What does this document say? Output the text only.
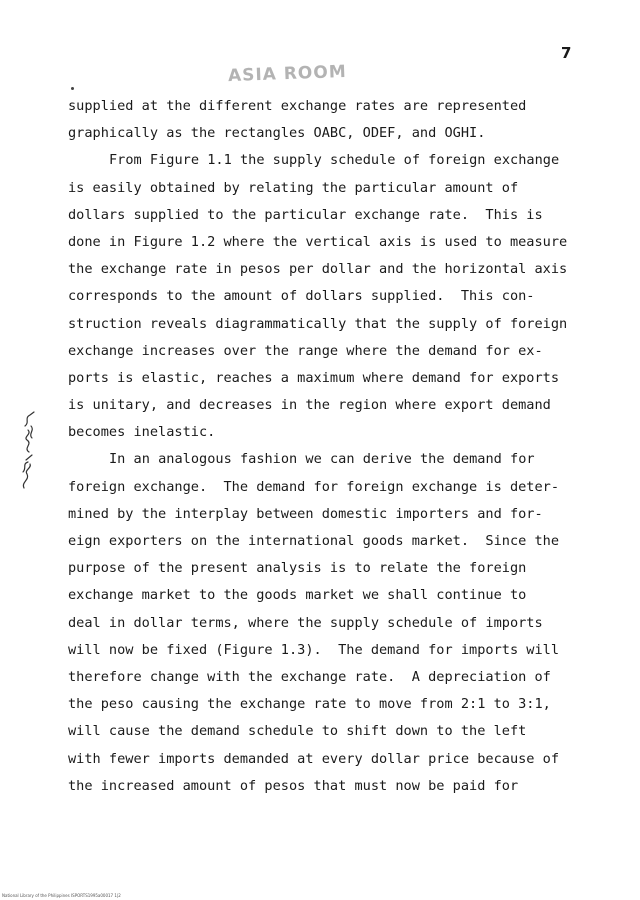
7
ASIA ROOM
supplied at the different exchange rates are represented
graphically as the rectangles OABC, ODEF, and OGHI.
From Figure 1.1 the supply schedule of foreign exchange
is easily obtained by relating the particular amount of
dollars supplied to the particular exchange rate.  This is
done in Figure 1.2 where the vertical axis is used to measure
the exchange rate in pesos per dollar and the horizontal axis
corresponds to the amount of dollars supplied.  This con-
struction reveals diagrammatically that the supply of foreign
exchange increases over the range where the demand for ex-
ports is elastic, reaches a maximum where demand for exports
is unitary, and decreases in the region where export demand
becomes inelastic.
In an analogous fashion we can derive the demand for
foreign exchange.  The demand for foreign exchange is deter-
mined by the interplay between domestic importers and for-
eign exporters on the international goods market.  Since the
purpose of the present analysis is to relate the foreign
exchange market to the goods market we shall continue to
deal in dollar terms, where the supply schedule of imports
will now be fixed (Figure 1.3).  The demand for imports will
therefore change with the exchange rate.  A depreciation of
the peso causing the exchange rate to move from 2:1 to 3:1,
will cause the demand schedule to shift down to the left
with fewer imports demanded at every dollar price because of
the increased amount of pesos that must now be paid for
National Library of the Philippines ISPORTS1995a00017 1|2
